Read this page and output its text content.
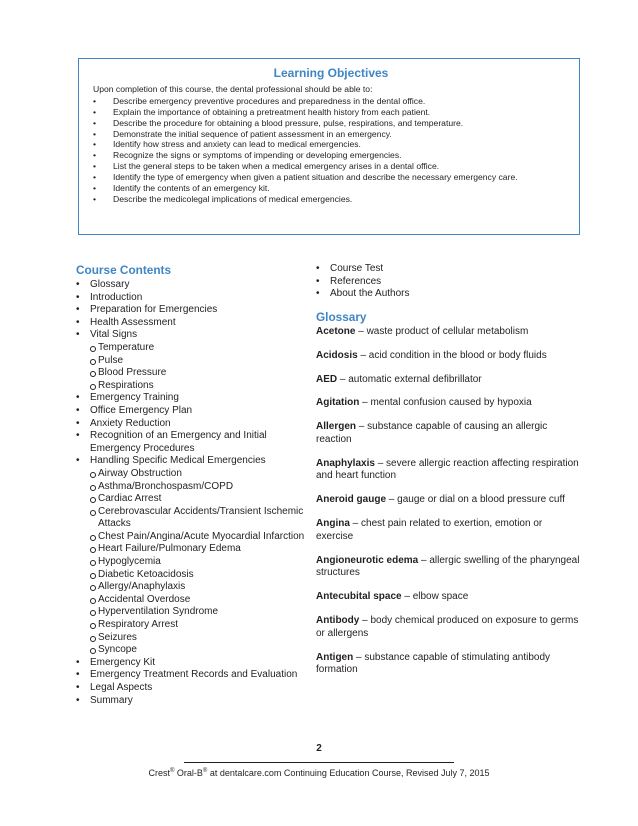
Learning Objectives
Upon completion of this course, the dental professional should be able to:
• Describe emergency preventive procedures and preparedness in the dental office.
• Explain the importance of obtaining a pretreatment health history from each patient.
• Describe the procedure for obtaining a blood pressure, pulse, respirations, and temperature.
• Demonstrate the initial sequence of patient assessment in an emergency.
• Identify how stress and anxiety can lead to medical emergencies.
• Recognize the signs or symptoms of impending or developing emergencies.
• List the general steps to be taken when a medical emergency arises in a dental office.
• Identify the type of emergency when given a patient situation and describe the necessary emergency care.
• Identify the contents of an emergency kit.
• Describe the medicolegal implications of medical emergencies.
Course Contents
• Glossary
• Introduction
• Preparation for Emergencies
• Health Assessment
• Vital Signs
Temperature
Pulse
Blood Pressure
Respirations
• Emergency Training
• Office Emergency Plan
• Anxiety Reduction
• Recognition of an Emergency and Initial Emergency Procedures
• Handling Specific Medical Emergencies
Airway Obstruction
Asthma/Bronchospasm/COPD
Cardiac Arrest
Cerebrovascular Accidents/Transient Ischemic Attacks
Chest Pain/Angina/Acute Myocardial Infarction
Heart Failure/Pulmonary Edema
Hypoglycemia
Diabetic Ketoacidosis
Allergy/Anaphylaxis
Accidental Overdose
Hyperventilation Syndrome
Respiratory Arrest
Seizures
Syncope
• Emergency Kit
• Emergency Treatment Records and Evaluation
• Legal Aspects
• Summary
• Course Test
• References
• About the Authors
Glossary

Acetone – waste product of cellular metabolism

Acidosis – acid condition in the blood or body fluids

AED – automatic external defibrillator

Agitation – mental confusion caused by hypoxia

Allergen – substance capable of causing an allergic reaction

Anaphylaxis – severe allergic reaction affecting respiration and heart function

Aneroid gauge – gauge or dial on a blood pressure cuff

Angina – chest pain related to exertion, emotion or exercise

Angioneurotic edema – allergic swelling of the pharyngeal structures

Antecubital space – elbow space

Antibody – body chemical produced on exposure to germs or allergens

Antigen – substance capable of stimulating antibody formation

2
Crest® Oral-B® at dentalcare.com Continuing Education Course, Revised July 7, 2015
